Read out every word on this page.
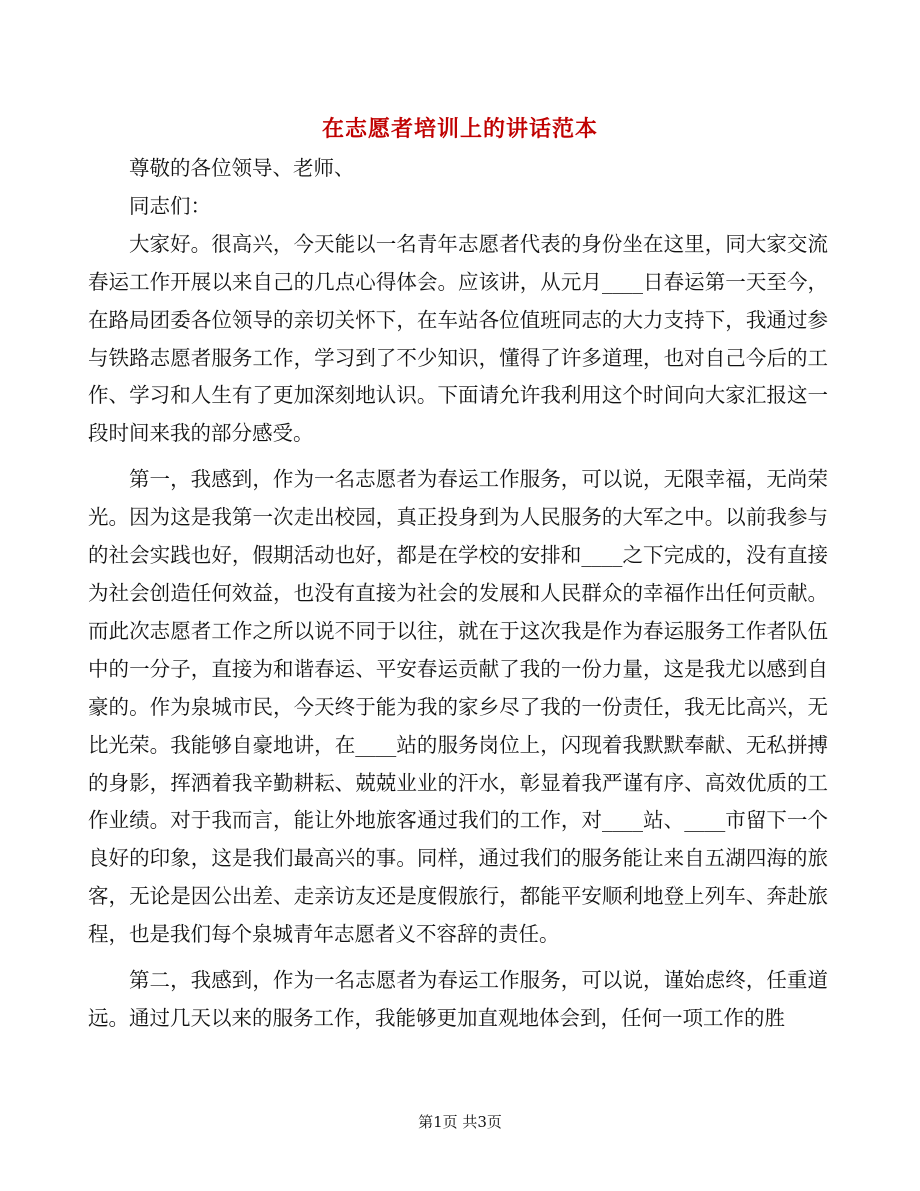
在志愿者培训上的讲话范本

尊敬的各位领导、老师、

同志们：

大家好。很高兴，今天能以一名青年志愿者代表的身份坐在这里，同大家交流春运工作开展以来自己的几点心得体会。应该讲，从元月____日春运第一天至今，在路局团委各位领导的亲切关怀下，在车站各位值班同志的大力支持下，我通过参与铁路志愿者服务工作，学习到了不少知识，懂得了许多道理，也对自己今后的工作、学习和人生有了更加深刻地认识。下面请允许我利用这个时间向大家汇报这一段时间来我的部分感受。

第一，我感到，作为一名志愿者为春运工作服务，可以说，无限幸福，无尚荣光。因为这是我第一次走出校园，真正投身到为人民服务的大军之中。以前我参与的社会实践也好，假期活动也好，都是在学校的安排和____之下完成的，没有直接为社会创造任何效益，也没有直接为社会的发展和人民群众的幸福作出任何贡献。而此次志愿者工作之所以说不同于以往，就在于这次我是作为春运服务工作者队伍中的一分子，直接为和谐春运、平安春运贡献了我的一份力量，这是我尤以感到自豪的。作为泉城市民，今天终于能为我的家乡尽了我的一份责任，我无比高兴，无比光荣。我能够自豪地讲，在____站的服务岗位上，闪现着我默默奉献、无私拼搏的身影，挥洒着我辛勤耕耘、兢兢业业的汗水，彰显着我严谨有序、高效优质的工作业绩。对于我而言，能让外地旅客通过我们的工作，对____站、____市留下一个良好的印象，这是我们最高兴的事。同样，通过我们的服务能让来自五湖四海的旅客，无论是因公出差、走亲访友还是度假旅行，都能平安顺利地登上列车、奔赴旅程，也是我们每个泉城青年志愿者义不容辞的责任。

第二，我感到，作为一名志愿者为春运工作服务，可以说，谨始虑终，任重道远。通过几天以来的服务工作，我能够更加直观地体会到，任何一项工作的胜

第1页 共3页
